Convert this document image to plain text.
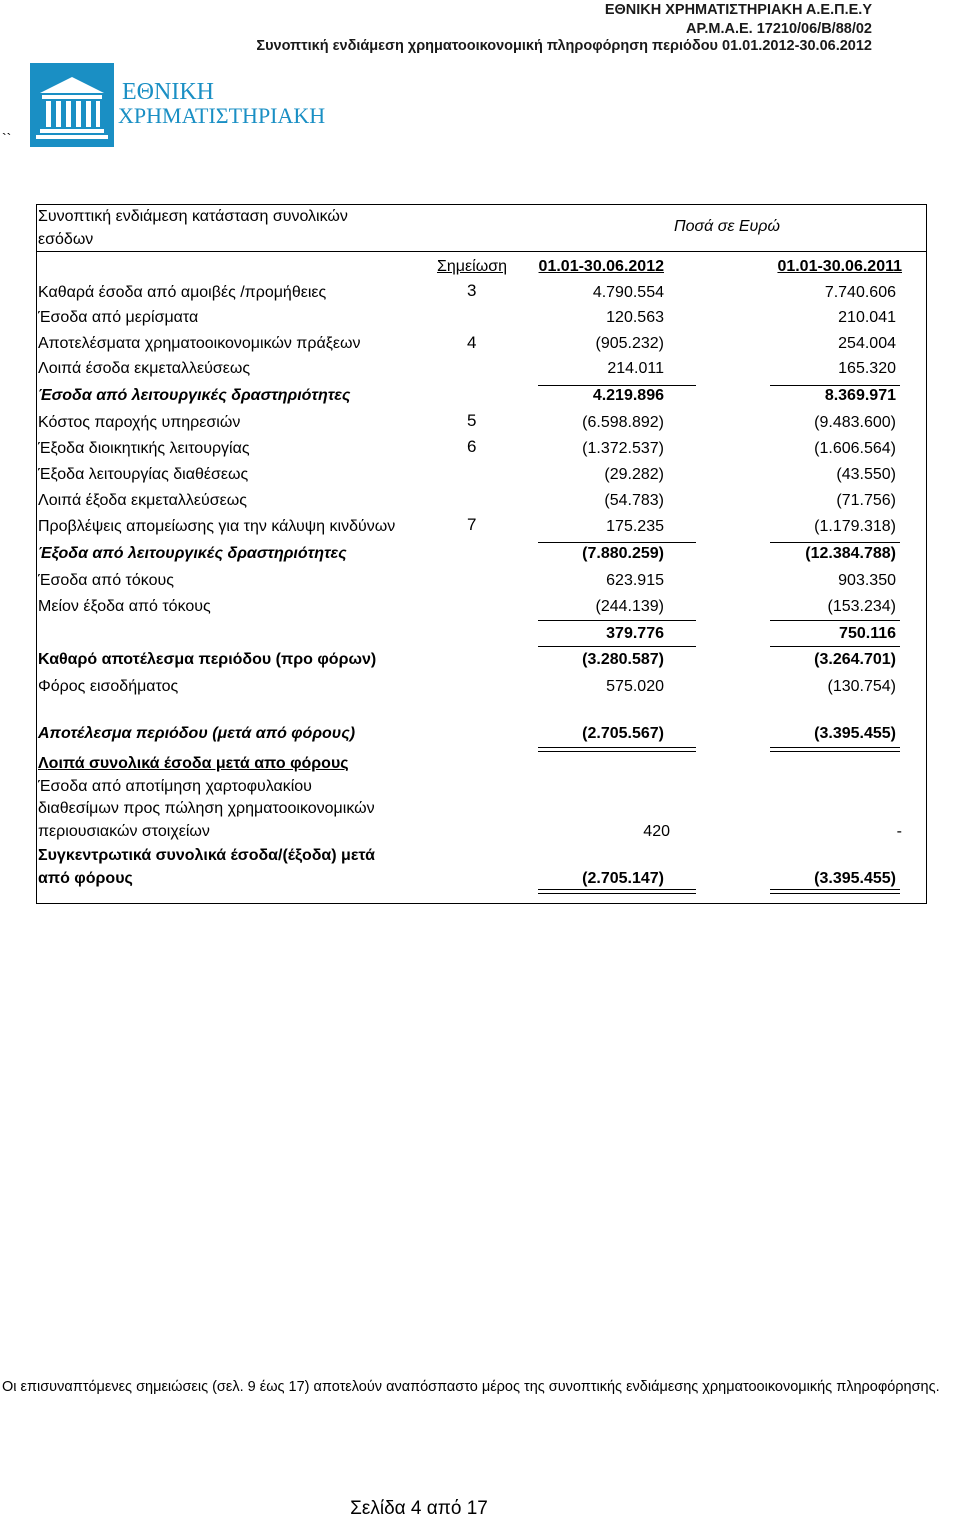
ΕΘΝΙΚΗ ΧΡΗΜΑΤΙΣΤΗΡΙΑΚΗ Α.Ε.Π.Ε.Υ
ΑΡ.Μ.Α.Ε. 17210/06/Β/88/02
Συνοπτική ενδιάμεση χρηματοοικονομική πληροφόρηση περιόδου 01.01.2012-30.06.2012
ΕΘΝΙΚΗ
ΧΡΗΜΑΤΙΣΤΗΡΙΑΚΗ
``
Συνοπτική ενδιάμεση κατάσταση συνολικών
εσόδων
Ποσά σε Ευρώ
Σημείωση	01.01-30.06.2012	01.01-30.06.2011
Καθαρά έσοδα από αμοιβές /προμήθειες	3	4.790.554	7.740.606
Έσοδα από μερίσματα	120.563	210.041
Αποτελέσματα χρηματοοικονομικών πράξεων	4	(905.232)	254.004
Λοιπά έσοδα εκμεταλλεύσεως	214.011	165.320
Έσοδα από λειτουργικές δραστηριότητες	4.219.896	8.369.971
Κόστος παροχής υπηρεσιών	5	(6.598.892)	(9.483.600)
Έξοδα διοικητικής λειτουργίας	6	(1.372.537)	(1.606.564)
Έξοδα λειτουργίας διαθέσεως	(29.282)	(43.550)
Λοιπά έξοδα εκμεταλλεύσεως	(54.783)	(71.756)
Προβλέψεις απομείωσης για την κάλυψη κινδύνων	7	175.235	(1.179.318)
Έξοδα από λειτουργικές δραστηριότητες	(7.880.259)	(12.384.788)
Έσοδα από τόκους	623.915	903.350
Μείον έξοδα από τόκους	(244.139)	(153.234)
379.776	750.116
Καθαρό αποτέλεσμα περιόδου (προ φόρων)	(3.280.587)	(3.264.701)
Φόρος εισοδήματος	575.020	(130.754)
Αποτέλεσμα περιόδου (μετά από φόρους)	(2.705.567)	(3.395.455)
Λοιπά συνολικά έσοδα μετά απο φόρους
Έσοδα από αποτίμηση χαρτοφυλακίου
διαθεσίμων προς πώληση χρηματοοικονομικών
περιουσιακών στοιχείων	420	-
Συγκεντρωτικά συνολικά έσοδα/(έξοδα) μετά
από φόρους	(2.705.147)	(3.395.455)
Οι επισυναπτόμενες σημειώσεις (σελ. 9 έως 17) αποτελούν αναπόσπαστο μέρος της συνοπτικής ενδιάμεσης χρηματοοικονομικής πληροφόρησης.
Σελίδα 4 από 17
